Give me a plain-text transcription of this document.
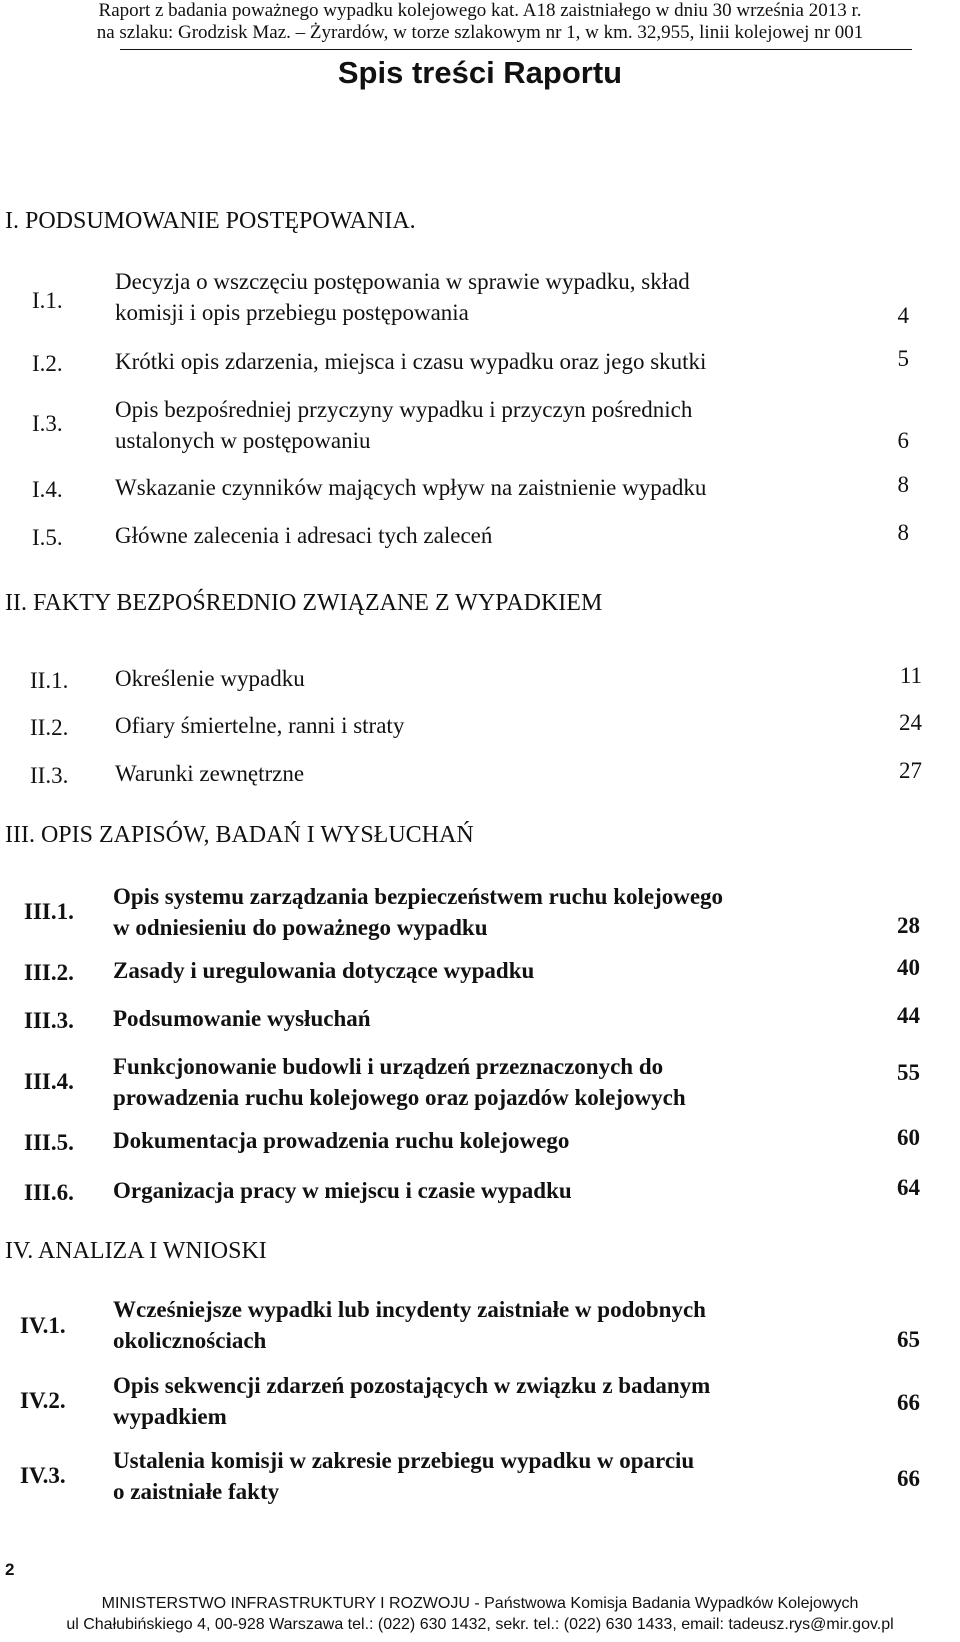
Raport z badania poważnego wypadku kolejowego kat. A18 zaistniałego w dniu 30 września 2013 r.
na szlaku: Grodzisk Maz. – Żyrardów, w torze szlakowym nr 1, w km. 32,955, linii kolejowej nr 001
Spis treści Raportu
I. PODSUMOWANIE POSTĘPOWANIA.
I.1.
Decyzja o wszczęciu postępowania w sprawie wypadku, skład
komisji i opis przebiegu postępowania	4
I.2. Krótki opis zdarzenia, miejsca i czasu wypadku oraz jego skutki	5
I.3.
Opis bezpośredniej przyczyny wypadku i przyczyn pośrednich
ustalonych w postępowaniu	6
I.4. Wskazanie czynników mających wpływ na zaistnienie wypadku	8
I.5. Główne zalecenia i adresaci tych zaleceń	8
II. FAKTY BEZPOŚREDNIO ZWIĄZANE Z WYPADKIEM
II.1. Określenie wypadku	11
II.2. Ofiary śmiertelne, ranni i straty	24
II.3. Warunki zewnętrzne	27
III. OPIS ZAPISÓW, BADAŃ I WYSŁUCHAŃ
III.1.
Opis systemu zarządzania bezpieczeństwem ruchu kolejowego
w odniesieniu do poważnego wypadku	28
III.2. Zasady i uregulowania dotyczące wypadku	40
III.3. Podsumowanie wysłuchań	44
III.4.
Funkcjonowanie budowli i urządzeń przeznaczonych do
prowadzenia ruchu kolejowego oraz pojazdów kolejowych
55
III.5. Dokumentacja prowadzenia ruchu kolejowego	60
III.6. Organizacja pracy w miejscu i czasie wypadku	64
IV. ANALIZA I WNIOSKI
IV.1.
Wcześniejsze wypadki lub incydenty zaistniałe w podobnych
okolicznościach	65
IV.2.
Opis sekwencji zdarzeń pozostających w związku z badanym
wypadkiem
66
IV.3.
Ustalenia komisji w zakresie przebiegu wypadku w oparciu
o zaistniałe fakty
66
2
MINISTERSTWO INFRASTRUKTURY I ROZWOJU - Państwowa Komisja Badania Wypadków Kolejowych
ul Chałubińskiego 4, 00-928 Warszawa tel.: (022) 630 1432, sekr. tel.: (022) 630 1433, email: tadeusz.rys@mir.gov.pl
